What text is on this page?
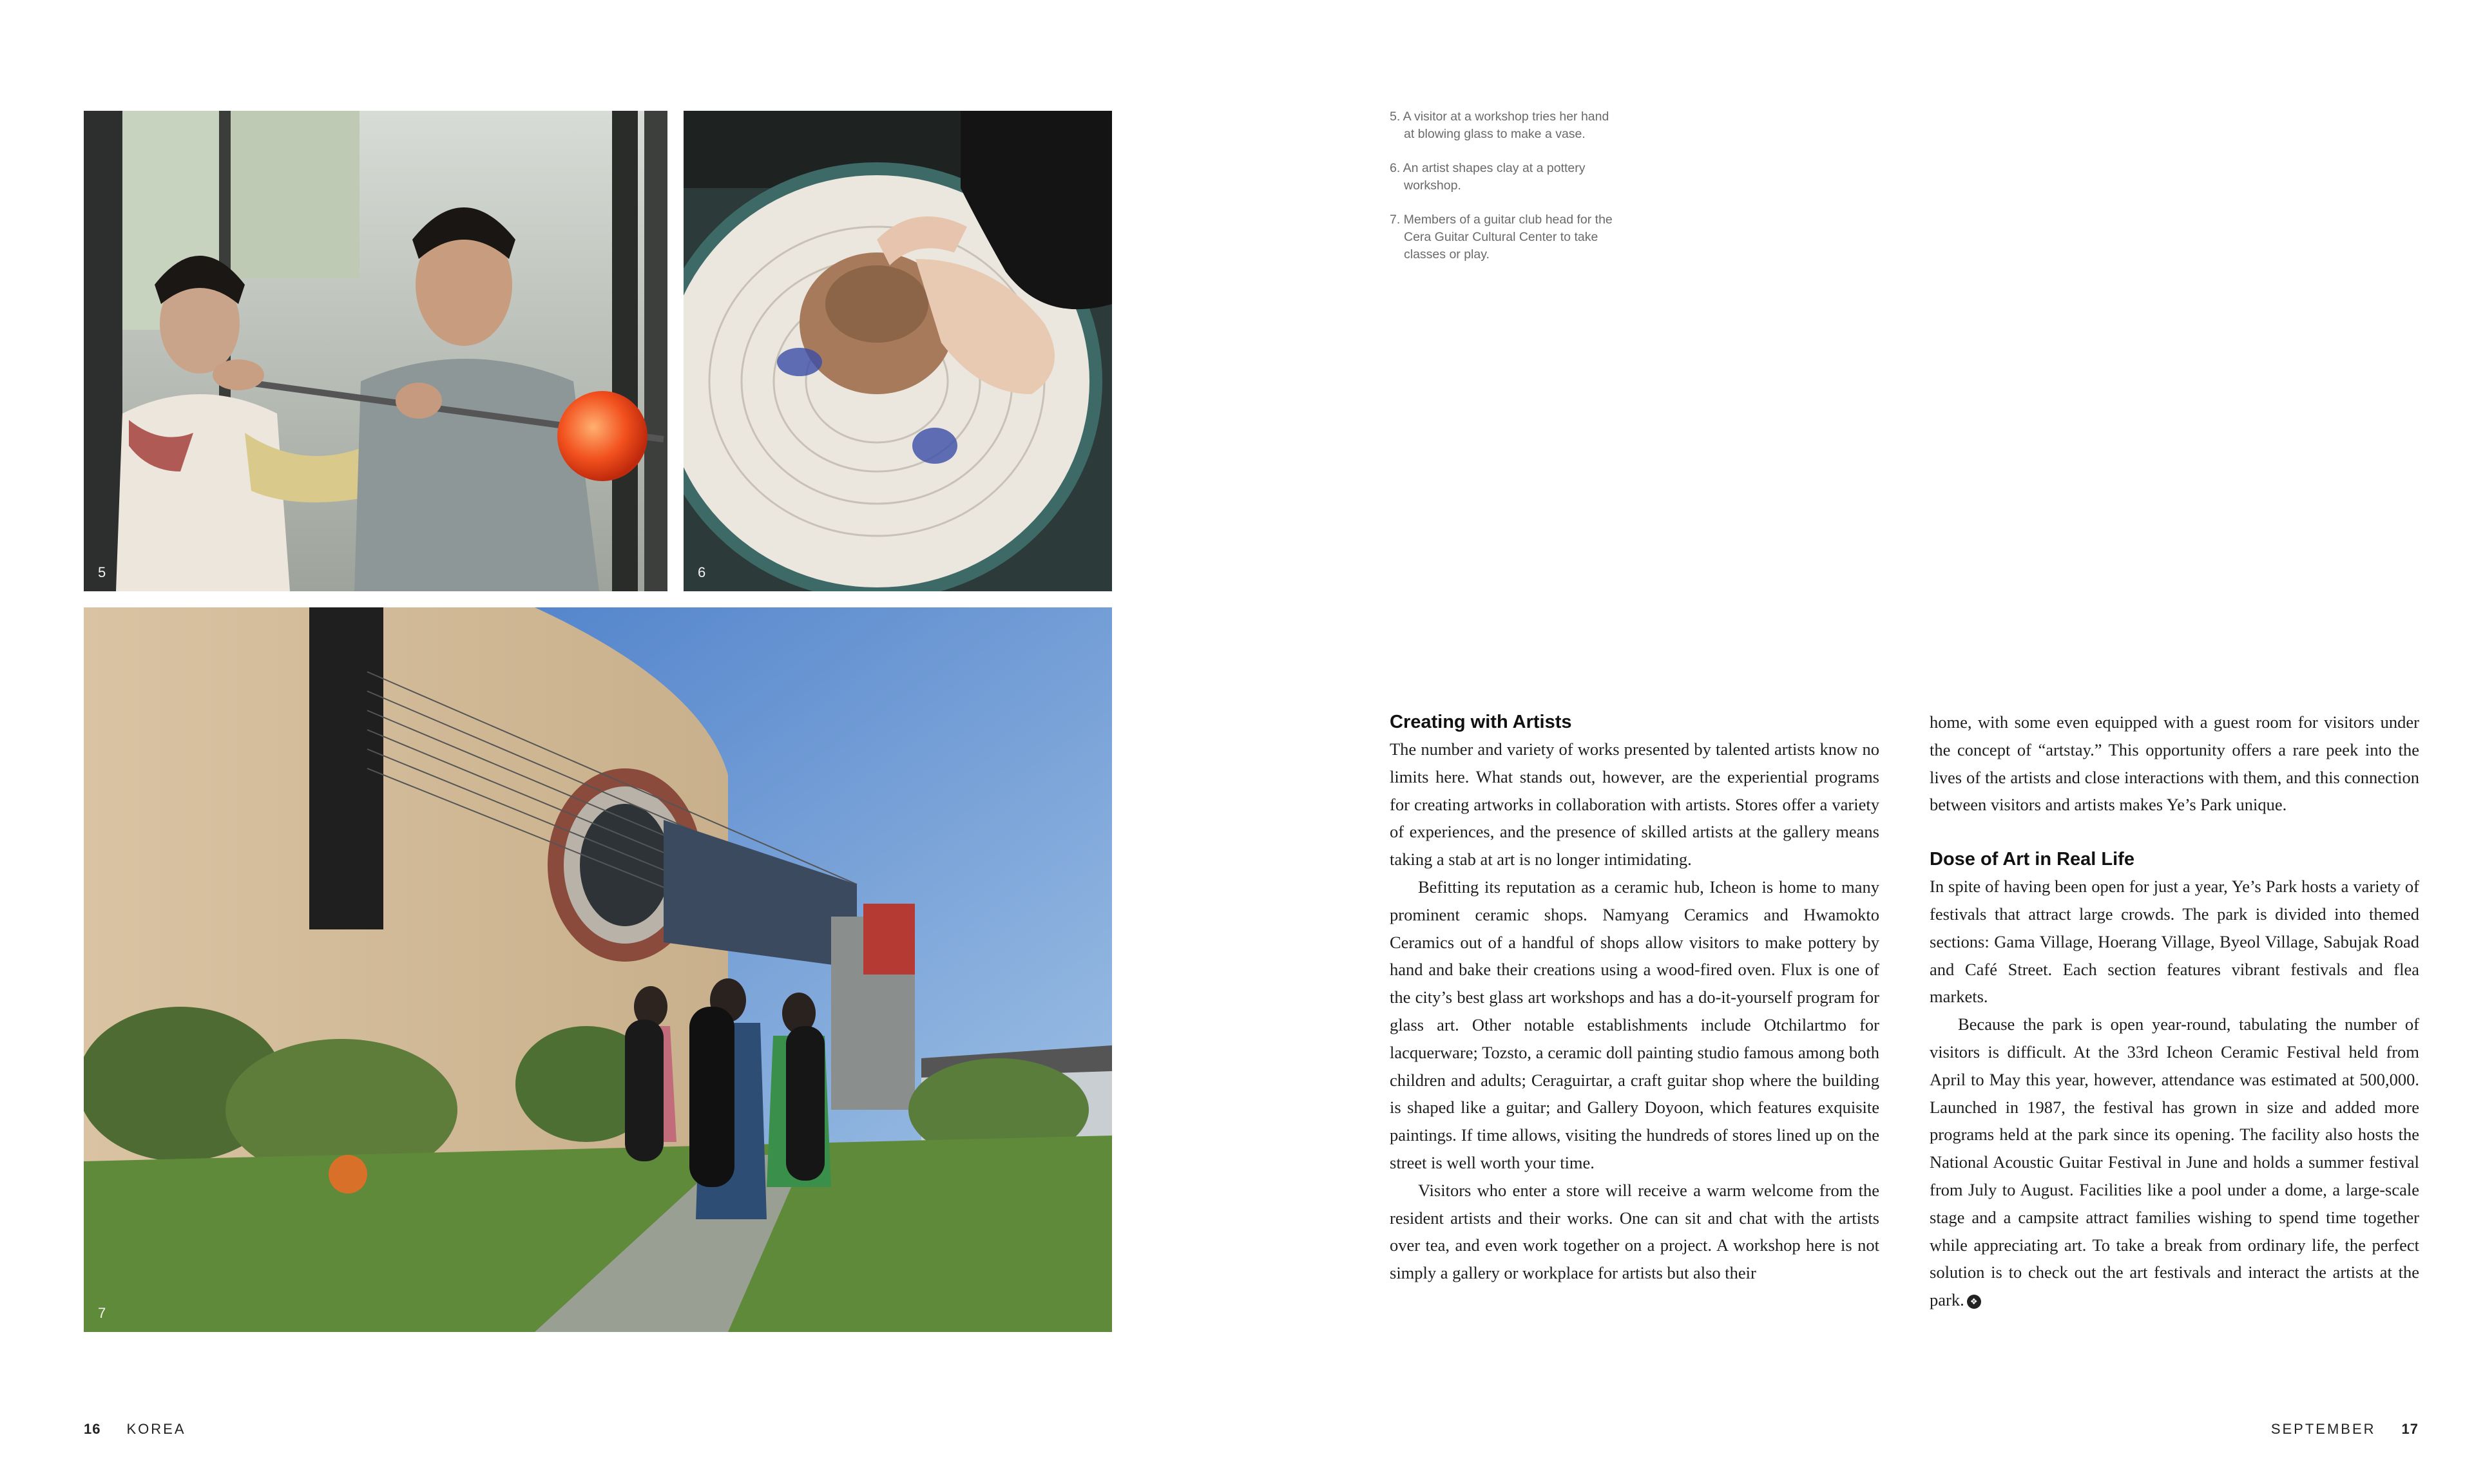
5	6
7

5. A visitor at a workshop tries her hand at blowing glass to make a vase.

6. An artist shapes clay at a pottery workshop.

7. Members of a guitar club head for the Cera Guitar Cultural Center to take classes or play.

Creating with Artists

The number and variety of works presented by talented artists know no limits here. What stands out, however, are the experiential programs for creating artworks in collaboration with artists. Stores offer a variety of experiences, and the presence of skilled artists at the gallery means taking a stab at art is no longer intimidating.

Befitting its reputation as a ceramic hub, Icheon is home to many prominent ceramic shops. Namyang Ceramics and Hwamokto Ceramics out of a handful of shops allow visitors to make pottery by hand and bake their creations using a wood-fired oven. Flux is one of the city’s best glass art workshops and has a do-it-yourself program for glass art. Other notable establishments include Otchilartmo for lacquerware; Tozsto, a ceramic doll painting studio famous among both children and adults; Ceraguirtar, a craft guitar shop where the building is shaped like a guitar; and Gallery Doyoon, which features exquisite paintings. If time allows, visiting the hundreds of stores lined up on the street is well worth your time.

Visitors who enter a store will receive a warm welcome from the resident artists and their works. One can sit and chat with the artists over tea, and even work together on a project. A workshop here is not simply a gallery or workplace for artists but also their

home, with some even equipped with a guest room for visitors under the concept of “artstay.” This opportunity offers a rare peek into the lives of the artists and close interactions with them, and this connection between visitors and artists makes Ye’s Park unique.

Dose of Art in Real Life

In spite of having been open for just a year, Ye’s Park hosts a variety of festivals that attract large crowds. The park is divided into themed sections: Gama Village, Hoerang Village, Byeol Village, Sabujak Road and Café Street. Each section features vibrant festivals and flea markets.

Because the park is open year-round, tabulating the number of visitors is difficult. At the 33rd Icheon Ceramic Festival held from April to May this year, however, attendance was estimated at 500,000. Launched in 1987, the festival has grown in size and added more programs held at the park since its opening. The facility also hosts the National Acoustic Guitar Festival in June and holds a summer festival from July to August. Facilities like a pool under a dome, a large-scale stage and a campsite attract families wishing to spend time together while appreciating art. To take a break from ordinary life, the perfect solution is to check out the art festivals and interact the artists at the park. ❖

16 KOREA	SEPTEMBER 17
